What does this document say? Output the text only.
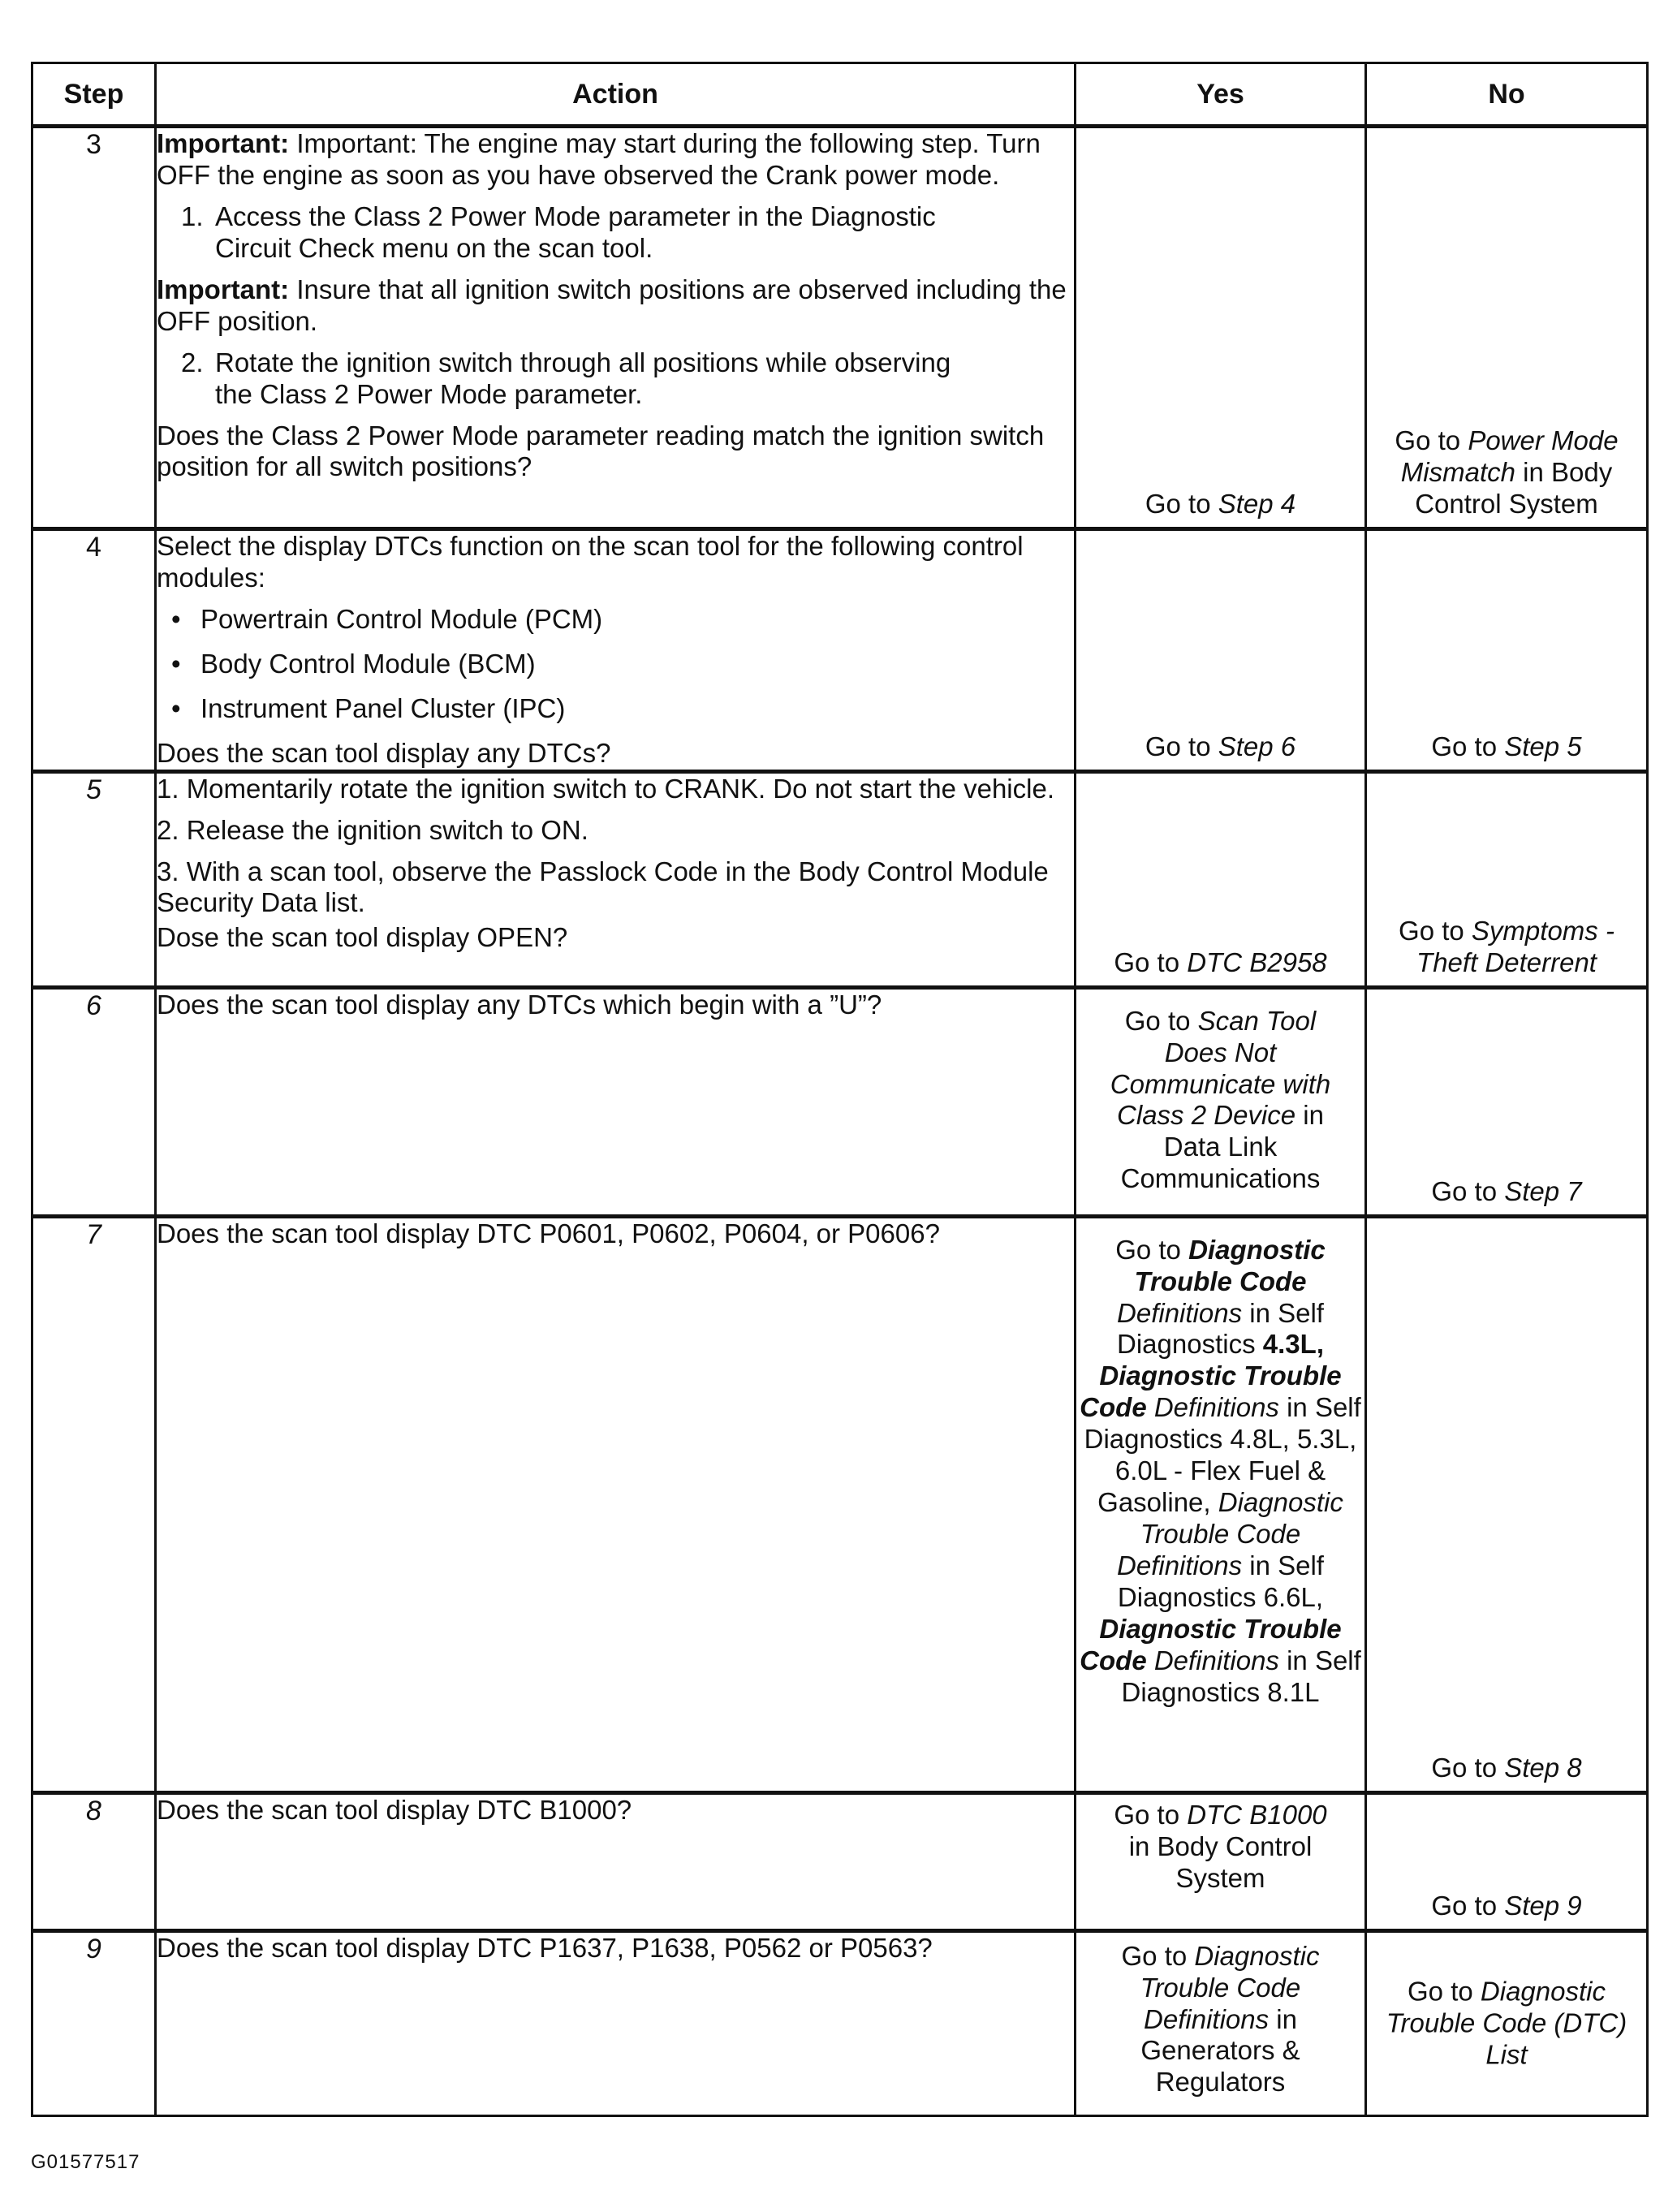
Step	Action	Yes	No
3	Important: Important: The engine may start during the following step. Turn OFF the engine as soon as you have observed the Crank power mode.

1. Access the Class 2 Power Mode parameter in the Diagnostic Circuit Check menu on the scan tool.

Important: Insure that all ignition switch positions are observed including the OFF position.

2. Rotate the ignition switch through all positions while observing the Class 2 Power Mode parameter.

Does the Class 2 Power Mode parameter reading match the ignition switch position for all switch positions?	Go to Step 4	Go to Power Mode Mismatch in Body Control System

4	Select the display DTCs function on the scan tool for the following control modules:

• Powertrain Control Module (PCM)
• Body Control Module (BCM)
• Instrument Panel Cluster (IPC)

Does the scan tool display any DTCs?	Go to Step 6	Go to Step 5

5	1. Momentarily rotate the ignition switch to CRANK. Do not start the vehicle.

2. Release the ignition switch to ON.

3. With a scan tool, observe the Passlock Code in the Body Control Module Security Data list.

Dose the scan tool display OPEN?	Go to DTC B2958	Go to Symptoms - Theft Deterrent

6	Does the scan tool display any DTCs which begin with a ”U”?	Go to Scan Tool Does Not Communicate with Class 2 Device in Data Link Communications	Go to Step 7

7	Does the scan tool display DTC P0601, P0602, P0604, or P0606?	Go to Diagnostic Trouble Code Definitions in Self Diagnostics 4.3L, Diagnostic Trouble Code Definitions in Self Diagnostics 4.8L, 5.3L, 6.0L - Flex Fuel & Gasoline, Diagnostic Trouble Code Definitions in Self Diagnostics 6.6L, Diagnostic Trouble Code Definitions in Self Diagnostics 8.1L	Go to Step 8

8	Does the scan tool display DTC B1000?	Go to DTC B1000 in Body Control System	Go to Step 9

9	Does the scan tool display DTC P1637, P1638, P0562 or P0563?	Go to Diagnostic Trouble Code Definitions in Generators & Regulators	Go to Diagnostic Trouble Code (DTC) List
G01577517
